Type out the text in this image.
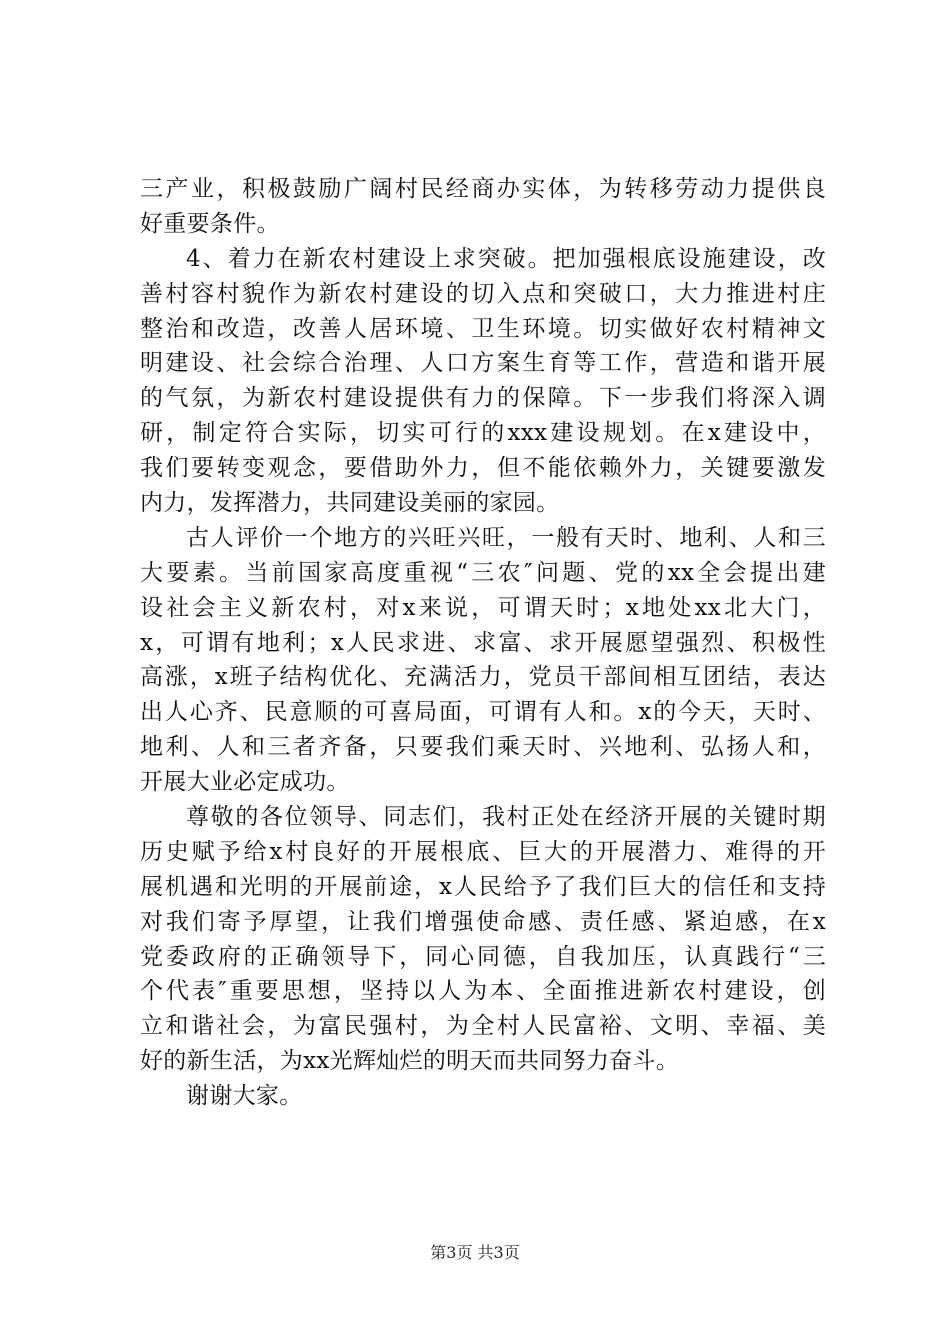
三产业，积极鼓励广阔村民经商办实体，为转移劳动力提供良
好重要条件。
4、着力在新农村建设上求突破。把加强根底设施建设，改
善村容村貌作为新农村建设的切入点和突破口，大力推进村庄
整治和改造，改善人居环境、卫生环境。切实做好农村精神文
明建设、社会综合治理、人口方案生育等工作，营造和谐开展
的气氛，为新农村建设提供有力的保障。下一步我们将深入调
研，制定符合实际，切实可行的xxx建设规划。在x建设中，
我们要转变观念，要借助外力，但不能依赖外力，关键要激发
内力，发挥潜力，共同建设美丽的家园。
古人评价一个地方的兴旺兴旺，一般有天时、地利、人和三
大要素。当前国家高度重视“三农″问题、党的xx全会提出建
设社会主义新农村，对x来说，可谓天时；x地处xx北大门，
x，可谓有地利；x人民求进、求富、求开展愿望强烈、积极性
高涨，x班子结构优化、充满活力，党员干部间相互团结，表达
出人心齐、民意顺的可喜局面，可谓有人和。x的今天，天时、
地利、人和三者齐备，只要我们乘天时、兴地利、弘扬人和，
开展大业必定成功。
尊敬的各位领导、同志们，我村正处在经济开展的关键时期
历史赋予给x村良好的开展根底、巨大的开展潜力、难得的开
展机遇和光明的开展前途，x人民给予了我们巨大的信任和支持
对我们寄予厚望，让我们增强使命感、责任感、紧迫感，在x
党委政府的正确领导下，同心同德，自我加压，认真践行“三
个代表″重要思想，坚持以人为本、全面推进新农村建设，创
立和谐社会，为富民强村，为全村人民富裕、文明、幸福、美
好的新生活，为xx光辉灿烂的明天而共同努力奋斗。
谢谢大家。
第3页 共3页
